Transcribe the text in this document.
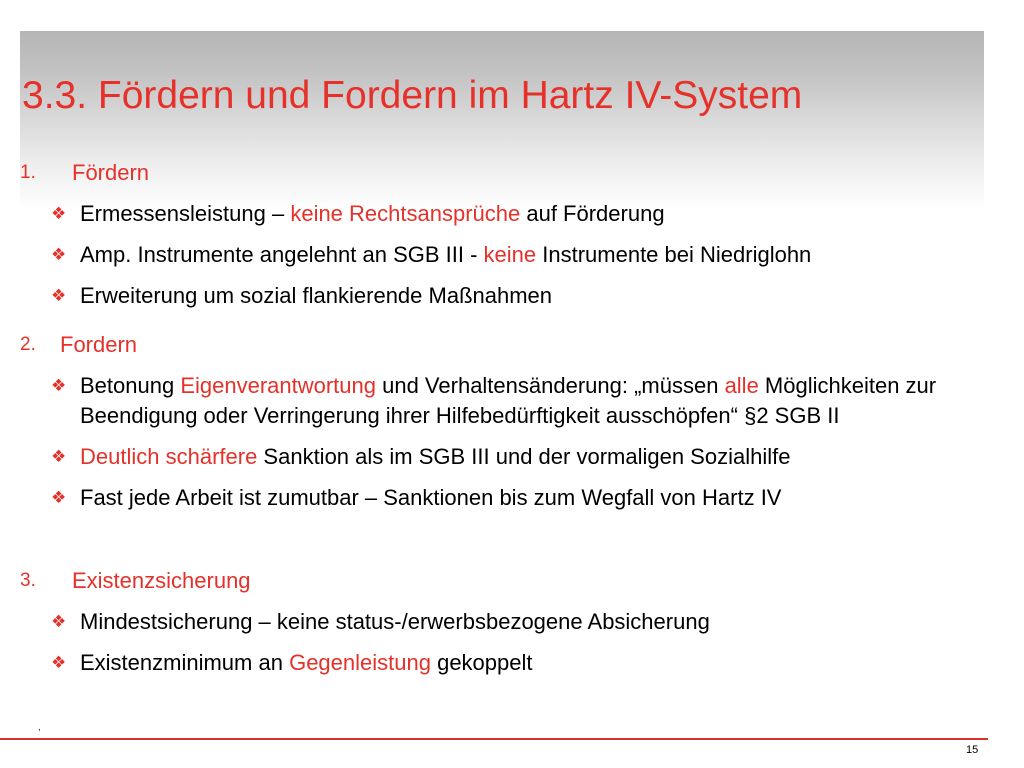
3.3. Fördern und Fordern im Hartz IV-System
1. Fördern
❖ Ermessensleistung – keine Rechtsansprüche auf Förderung
❖ Amp. Instrumente angelehnt an SGB III - keine Instrumente bei Niedriglohn
❖ Erweiterung um sozial flankierende Maßnahmen
2. Fordern
❖ Betonung Eigenverantwortung und Verhaltensänderung: „müssen alle Möglichkeiten zur Beendigung oder Verringerung ihrer Hilfebedürftigkeit ausschöpfen“ §2 SGB II
❖ Deutlich schärfere Sanktion als im SGB III und der vormaligen Sozialhilfe
❖ Fast jede Arbeit ist zumutbar – Sanktionen bis zum Wegfall von Hartz IV
3. Existenzsicherung
❖ Mindestsicherung – keine status-/erwerbsbezogene Absicherung
❖ Existenzminimum an Gegenleistung gekoppelt
,
15
